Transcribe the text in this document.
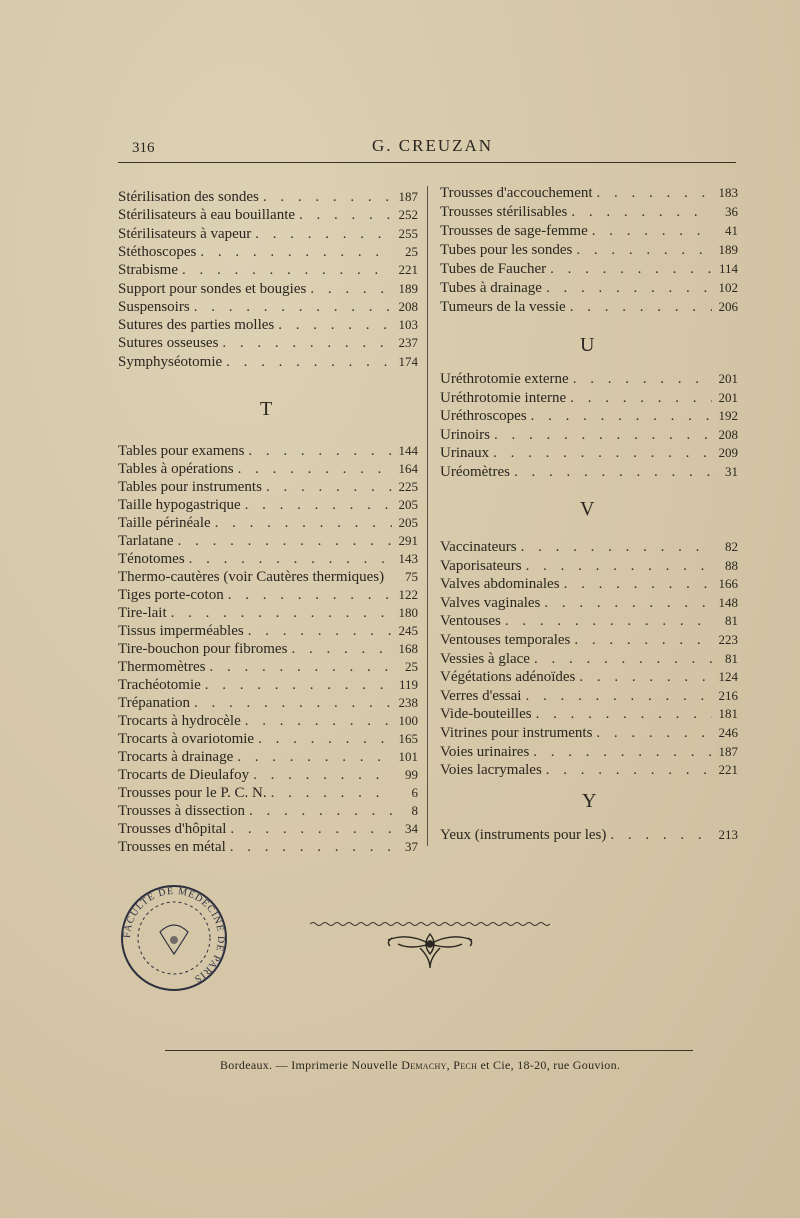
316	G. CREUZAN
Stérilisation des sondes . . .	187
Stérilisateurs à eau bouillante . . .	252
Stérilisateurs à vapeur . . .	255
Stéthoscopes . . .	25
Strabisme . . .	221
Support pour sondes et bougies . . .	189
Suspensoirs . . .	208
Sutures des parties molles . . .	103
Sutures osseuses . . .	237
Symphyséotomie . . .	174
T
Tables pour examens . . .	144
Tables à opérations . . .	164
Tables pour instruments . . .	225
Taille hypogastrique . . .	205
Taille périnéale . . .	205
Tarlatane . . .	291
Ténotomes . . .	143
Thermo-cautères (voir Cautères thermiques)	75
Tiges porte-coton . . .	122
Tire-lait . . .	180
Tissus imperméables . . .	245
Tire-bouchon pour fibromes . . .	168
Thermomètres . . .	25
Trachéotomie . . .	119
Trépanation . . .	238
Trocarts à hydrocèle . . .	100
Trocarts à ovariotomie . . .	165
Trocarts à drainage . . .	101
Trocarts de Dieulafoy . . .	99
Trousses pour le P. C. N. . . .	6
Trousses à dissection . . .	8
Trousses d'hôpital . . .	34
Trousses en métal . . .	37
Trousses d'accouchement . . .	183
Trousses stérilisables . . .	36
Trousses de sage-femme . . .	41
Tubes pour les sondes . . .	189
Tubes de Faucher . . .	114
Tubes à drainage . . .	102
Tumeurs de la vessie . . .	206
U
Uréthrotomie externe . . .	201
Uréthrotomie interne . . .	201
Uréthroscopes . . .	192
Urinoirs . . .	208
Urinaux . . .	209
Uréomètres . . .	31
V
Vaccinateurs . . .	82
Vaporisateurs . . .	88
Valves abdominales . . .	166
Valves vaginales . . .	148
Ventouses . . .	81
Ventouses temporales . . .	223
Vessies à glace . . .	81
Végétations adénoïdes . . .	124
Verres d'essai . . .	216
Vide-bouteilles . . .	181
Vitrines pour instruments . . .	246
Voies urinaires . . .	187
Voies lacrymales . . .	221
Y
Yeux (instruments pour les) . . .	213
FACULTÉ DE MÉDECINE DE PARIS
Bordeaux. — Imprimerie Nouvelle Demachy, Pech et Cie, 18-20, rue Gouvion.
